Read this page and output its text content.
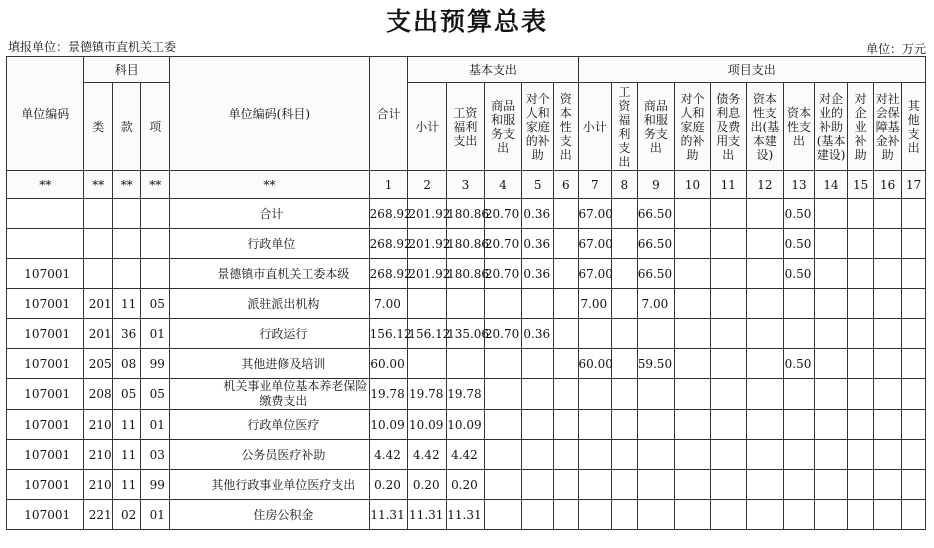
支出预算总表
填报单位：景德镇市直机关工委	单位：万元
单位编码	科目			单位编码(科目)	合计	基本支出					项目支出										
	类	款	项			小计	工资福利支出	商品和服务支出	对个人和家庭的补助	资本性支出	小计	工资福利支出	商品和服务支出	对个人和家庭的补助	债务利息及费用支出	资本性支出(基本建设)	资本性支出	对企业的补助(基本建设)	对企业补助	对社会保障基金补助	其他支出
**	**	**	**	**	1	2	3	4	5	6	7	8	9	10	11	12	13	14	15	16	17
				合计	268.92	201.92	180.86	20.70	0.36		67.00		66.50				0.50				
				行政单位	268.92	201.92	180.86	20.70	0.36		67.00		66.50				0.50				
107001				景德镇市直机关工委本级	268.92	201.92	180.86	20.70	0.36		67.00		66.50				0.50				
107001	201	11	05	派驻派出机构	7.00						7.00		7.00								
107001	201	36	01	行政运行	156.12	156.12	135.06	20.70	0.36												
107001	205	08	99	其他进修及培训	60.00						60.00		59.50				0.50				
107001	208	05	05	机关事业单位基本养老保险缴费支出	19.78	19.78	19.78														
107001	210	11	01	行政单位医疗	10.09	10.09	10.09														
107001	210	11	03	公务员医疗补助	4.42	4.42	4.42														
107001	210	11	99	其他行政事业单位医疗支出	0.20	0.20	0.20														
107001	221	02	01	住房公积金	11.31	11.31	11.31														
